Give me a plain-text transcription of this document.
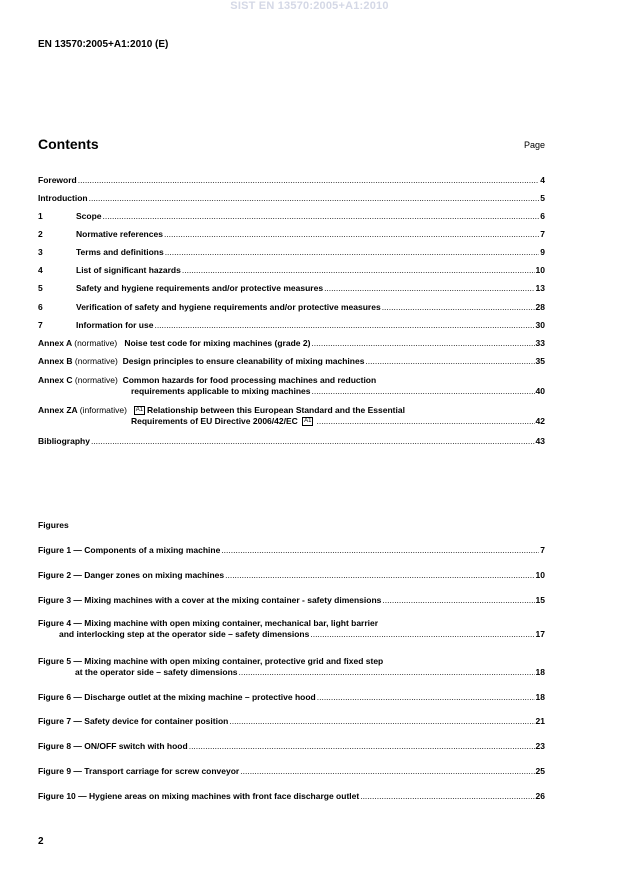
SIST EN 13570:2005+A1:2010
EN 13570:2005+A1:2010 (E)
Contents	Page
Foreword .....	4
Introduction .....	5
1	Scope .....	6
2	Normative references .....	7
3	Terms and definitions .....	9
4	List of significant hazards .....	10
5	Safety and hygiene requirements and/or protective measures .....	13
6	Verification of safety and hygiene requirements and/or protective measures .....	28
7	Information for use .....	30
Annex A (normative) Noise test code for mixing machines (grade 2) .....	33
Annex B (normative) Design principles to ensure cleanability of mixing machines .....	35
Annex C (normative) Common hazards for food processing machines and reduction
requirements applicable to mixing machines .....	40
Annex ZA (informative) A1 Relationship between this European Standard and the Essential
Requirements of EU Directive 2006/42/EC A1 .....	42
Bibliography .....	43
Figures
Figure 1 — Components of a mixing machine .....	7
Figure 2 — Danger zones on mixing machines .....	10
Figure 3 — Mixing machines with a cover at the mixing container - safety dimensions .....	15
Figure 4 — Mixing machine with open mixing container, mechanical bar, light barrier
and interlocking step at the operator side – safety dimensions .....	17
Figure 5 — Mixing machine with open mixing container, protective grid and fixed step
at the operator side – safety dimensions .....	18
Figure 6 — Discharge outlet at the mixing machine – protective hood .....	18
Figure 7 — Safety device for container position .....	21
Figure 8 — ON/OFF switch with hood .....	23
Figure 9 — Transport carriage for screw conveyor .....	25
Figure 10 — Hygiene areas on mixing machines with front face discharge outlet .....	26
2
